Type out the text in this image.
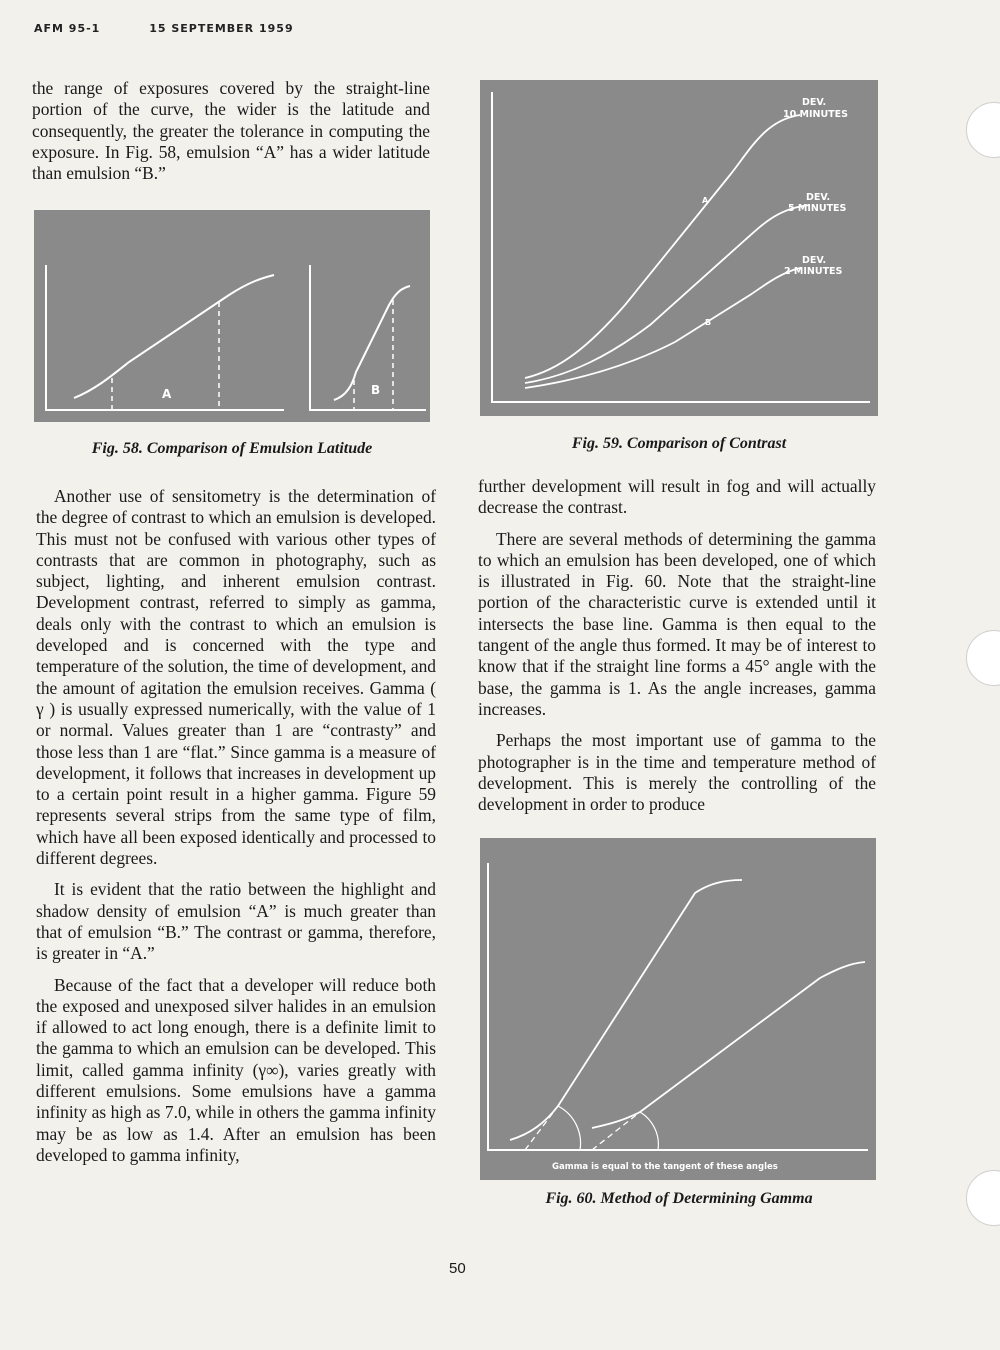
AFM 95-1	15 SEPTEMBER 1959

the range of exposures covered by the straight-line portion of the curve, the wider is the latitude and consequently, the greater the tolerance in computing the exposure. In Fig. 58, emulsion “A” has a wider latitude than emulsion “B.”

A	B
Fig. 58. Comparison of Emulsion Latitude

Another use of sensitometry is the determination of the degree of contrast to which an emulsion is developed. This must not be confused with various other types of contrasts that are common in photography, such as subject, lighting, and inherent emulsion contrast. Development contrast, referred to simply as gamma, deals only with the contrast to which an emulsion is developed and is concerned with the type and temperature of the solution, the time of development, and the amount of agitation the emulsion receives. Gamma ( γ ) is usually expressed numerically, with the value of 1 or normal. Values greater than 1 are “contrasty” and those less than 1 are “flat.” Since gamma is a measure of development, it follows that increases in development up to a certain point result in a higher gamma. Figure 59 represents several strips from the same type of film, which have all been exposed identically and processed to different degrees.

It is evident that the ratio between the highlight and shadow density of emulsion “A” is much greater than that of emulsion “B.” The contrast or gamma, therefore, is greater in “A.”

Because of the fact that a developer will reduce both the exposed and unexposed silver halides in an emulsion if allowed to act long enough, there is a definite limit to the gamma to which an emulsion can be developed. This limit, called gamma infinity (γ∞), varies greatly with different emulsions. Some emulsions have a gamma infinity as high as 7.0, while in others the gamma infinity may be as low as 1.4. After an emulsion has been developed to gamma infinity,

DEV.
10 MINUTES
DEV.
5 MINUTES
DEV.
2 MINUTES
A
B
Fig. 59. Comparison of Contrast

further development will result in fog and will actually decrease the contrast.

There are several methods of determining the gamma to which an emulsion has been developed, one of which is illustrated in Fig. 60. Note that the straight-line portion of the characteristic curve is extended until it intersects the base line. Gamma is then equal to the tangent of the angle thus formed. It may be of interest to know that if the straight line forms a 45° angle with the base, the gamma is 1. As the angle increases, gamma increases.

Perhaps the most important use of gamma to the photographer is in the time and temperature method of development. This is merely the controlling of the development in order to produce

Gamma is equal to the tangent of these angles
Fig. 60. Method of Determining Gamma
50
